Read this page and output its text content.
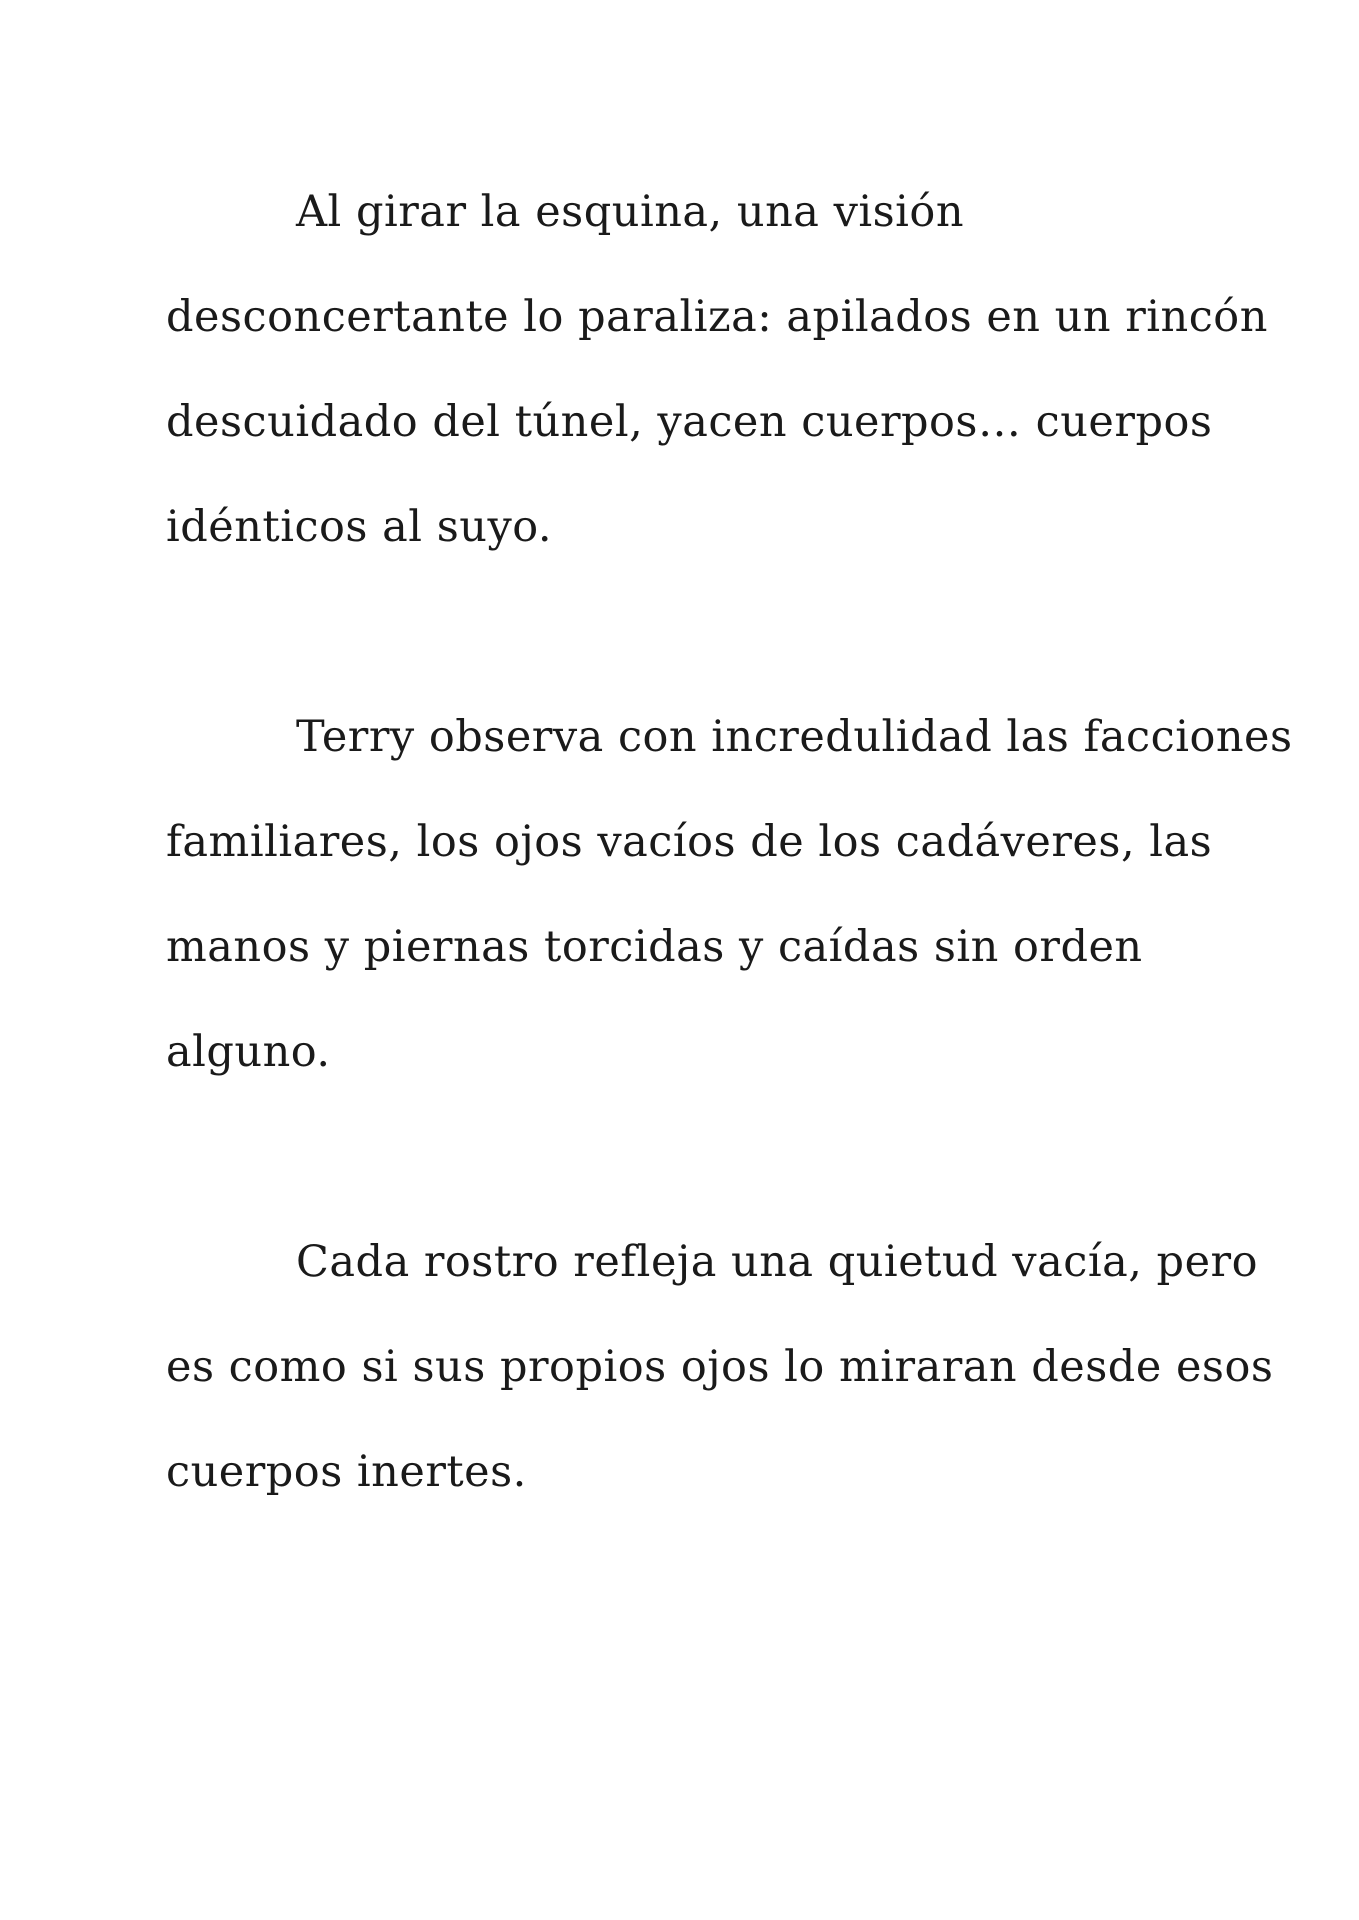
Al girar la esquina, una visión
desconcertante lo paraliza: apilados en un rincón
descuidado del túnel, yacen cuerpos… cuerpos
idénticos al suyo.
Terry observa con incredulidad las facciones
familiares, los ojos vacíos de los cadáveres, las
manos y piernas torcidas y caídas sin orden
alguno.
Cada rostro refleja una quietud vacía, pero
es como si sus propios ojos lo miraran desde esos
cuerpos inertes.
